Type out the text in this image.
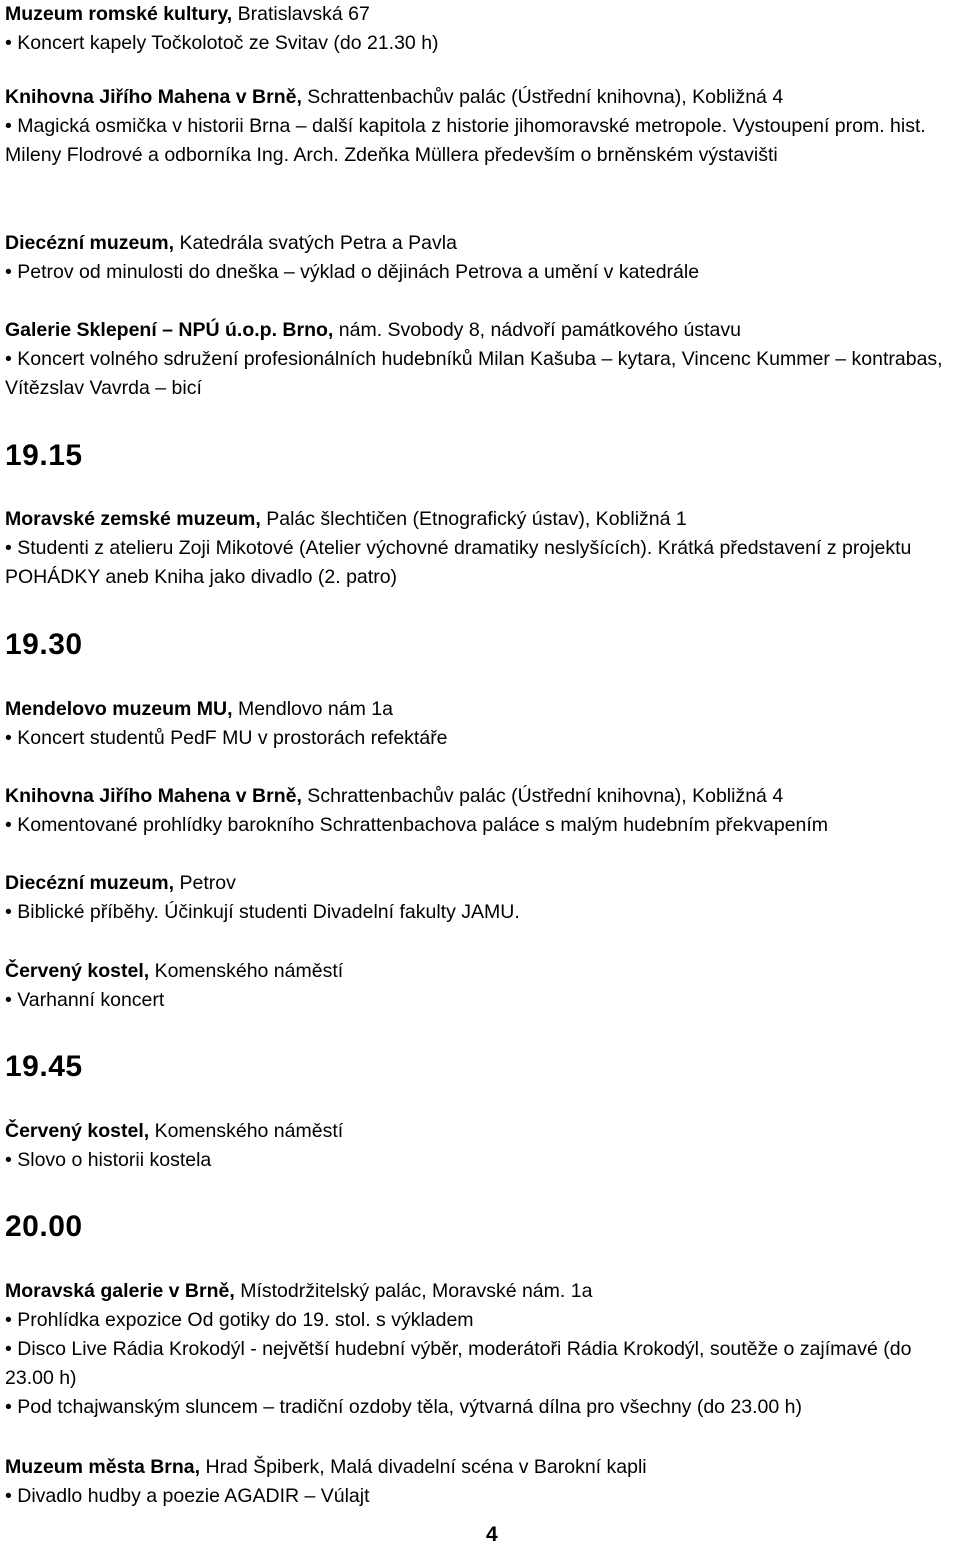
Muzeum romské kultury, Bratislavská 67
• Koncert kapely Točkolotoč ze Svitav (do 21.30 h)
Knihovna Jiřího Mahena v Brně, Schrattenbachův palác (Ústřední knihovna), Kobližná 4
• Magická osmička v historii Brna – další kapitola z historie jihomoravské metropole. Vystoupení prom. hist. Mileny Flodrové a odborníka Ing. Arch. Zdeňka Müllera především o brněnském výstavišti
Diecézní muzeum, Katedrála svatých Petra a Pavla
• Petrov od minulosti do dneška – výklad o dějinách Petrova a umění v katedrále
Galerie Sklepení – NPÚ ú.o.p. Brno, nám. Svobody 8, nádvoří památkového ústavu
• Koncert volného sdružení profesionálních hudebníků Milan Kašuba – kytara, Vincenc Kummer – kontrabas, Vítězslav Vavrda – bicí
19.15
Moravské zemské muzeum, Palác šlechtičen (Etnografický ústav), Kobližná 1
• Studenti z atelieru Zoji Mikotové (Atelier výchovné dramatiky neslyšících). Krátká představení z projektu POHÁDKY aneb Kniha jako divadlo (2. patro)
19.30
Mendelovo muzeum MU, Mendlovo nám 1a
• Koncert studentů PedF MU v prostorách refektáře
Knihovna Jiřího Mahena v Brně, Schrattenbachův palác (Ústřední knihovna), Kobližná 4
• Komentované prohlídky barokního Schrattenbachova paláce s malým hudebním překvapením
Diecézní muzeum, Petrov
• Biblické příběhy. Účinkují studenti Divadelní fakulty JAMU.
Červený kostel, Komenského náměstí
• Varhanní koncert
19.45
Červený kostel, Komenského náměstí
• Slovo o historii kostela
20.00
Moravská galerie v Brně, Místodržitelský palác, Moravské nám. 1a
• Prohlídka expozice Od gotiky do 19. stol. s výkladem
• Disco Live Rádia Krokodýl - největší hudební výběr, moderátoři Rádia Krokodýl, soutěže o zajímavé (do 23.00 h)
• Pod tchajwanským sluncem – tradiční ozdoby těla, výtvarná dílna pro všechny (do 23.00 h)
Muzeum města Brna, Hrad Špiberk, Malá divadelní scéna v Barokní kapli
• Divadlo hudby a poezie AGADIR – Vúlajt
4
